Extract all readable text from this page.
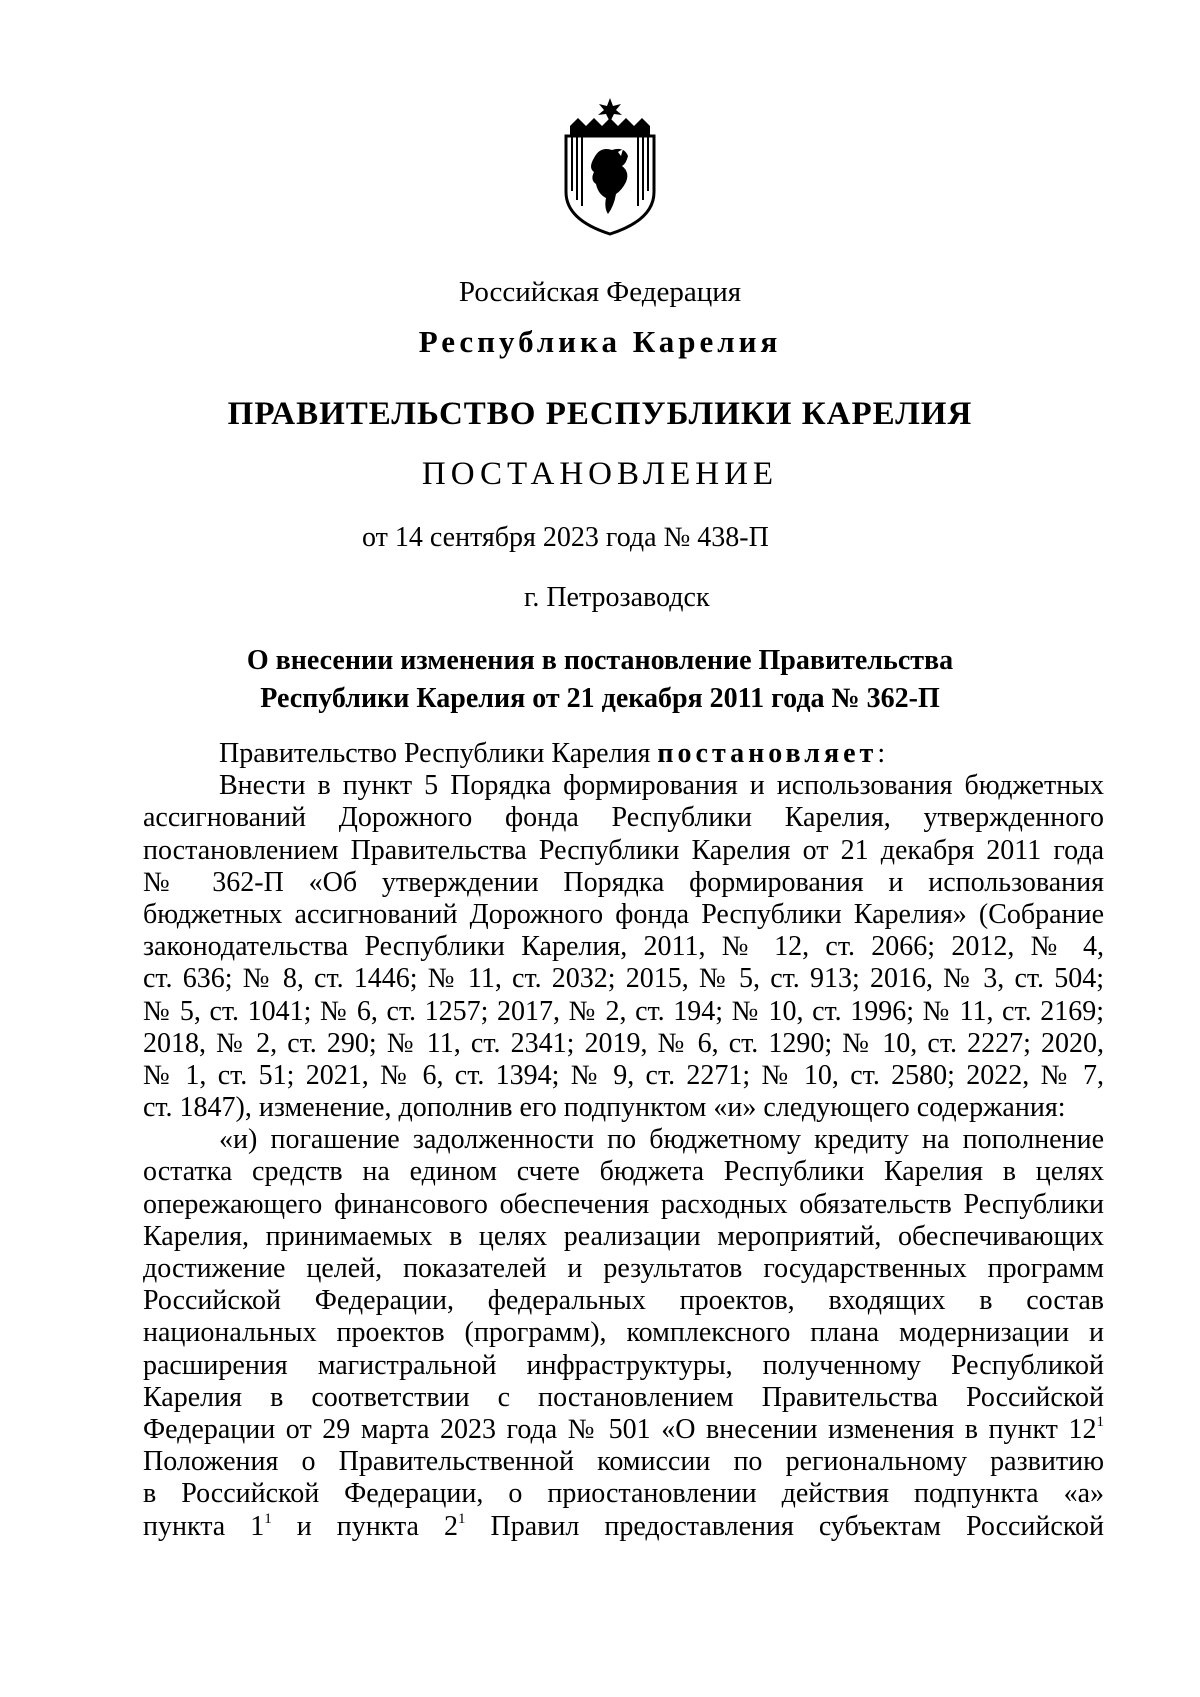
Российская Федерация
Республика Карелия
ПРАВИТЕЛЬСТВО РЕСПУБЛИКИ КАРЕЛИЯ
ПОСТАНОВЛЕНИЕ
от 14 сентября 2023 года № 438-П
г. Петрозаводск
О внесении изменения в постановление Правительства
Республики Карелия от 21 декабря 2011 года № 362-П
Правительство Республики Карелия постановляет:
Внести в пункт 5 Порядка формирования и использования бюджетных
ассигнований Дорожного фонда Республики Карелия, утвержденного
постановлением Правительства Республики Карелия от 21 декабря 2011 года
№ 362-П «Об утверждении Порядка формирования и использования
бюджетных ассигнований Дорожного фонда Республики Карелия» (Собрание
законодательства Республики Карелия, 2011, № 12, ст. 2066; 2012, № 4,
ст. 636; № 8, ст. 1446; № 11, ст. 2032; 2015, № 5, ст. 913; 2016, № 3, ст. 504;
№ 5, ст. 1041; № 6, ст. 1257; 2017, № 2, ст. 194; № 10, ст. 1996; № 11, ст. 2169;
2018, № 2, ст. 290; № 11, ст. 2341; 2019, № 6, ст. 1290; № 10, ст. 2227; 2020,
№ 1, ст. 51; 2021, № 6, ст. 1394; № 9, ст. 2271; № 10, ст. 2580; 2022, № 7,
ст. 1847), изменение, дополнив его подпунктом «и» следующего содержания:
«и) погашение задолженности по бюджетному кредиту на пополнение
остатка средств на едином счете бюджета Республики Карелия в целях
опережающего финансового обеспечения расходных обязательств Республики
Карелия, принимаемых в целях реализации мероприятий, обеспечивающих
достижение целей, показателей и результатов государственных программ
Российской Федерации, федеральных проектов, входящих в состав
национальных проектов (программ), комплексного плана модернизации и
расширения магистральной инфраструктуры, полученному Республикой
Карелия в соответствии с постановлением Правительства Российской
Федерации от 29 марта 2023 года № 501 «О внесении изменения в пункт $12^1$
Положения о Правительственной комиссии по региональному развитию
в Российской Федерации, о приостановлении действия подпункта «а»
пункта $1^1$ и пункта $2^1$ Правил предоставления субъектам Российской
